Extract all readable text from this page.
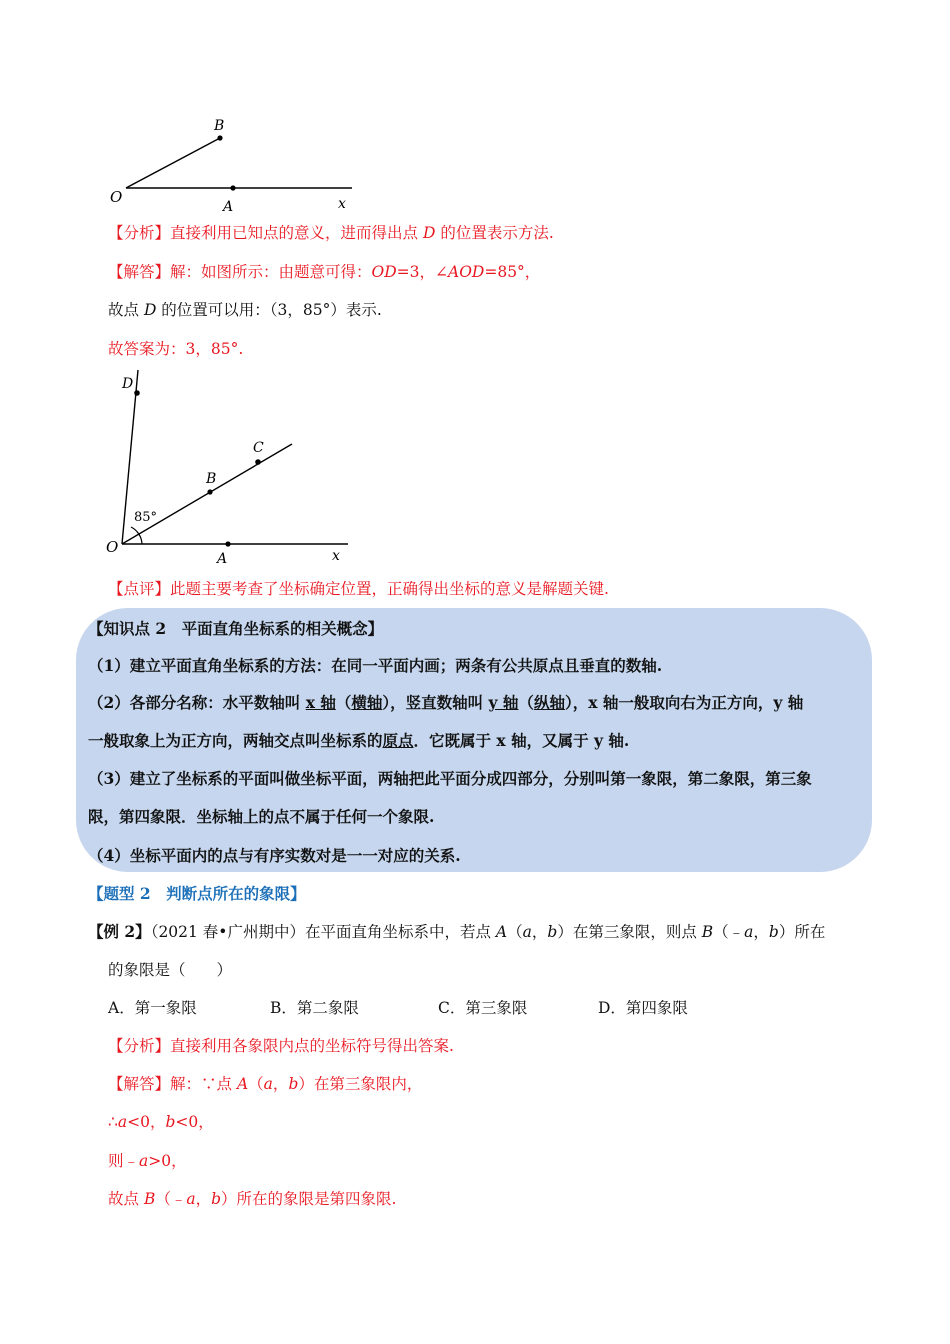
B
O
A	x
【分析】直接利用已知点的意义，进而得出点 D 的位置表示方法.
【解答】解：如图所示：由题意可得：OD=3，∠AOD=85°，
故点 D 的位置可以用：（3，85°）表示.
故答案为：3，85°.
D
C
B
85°
O
A	x
【点评】此题主要考查了坐标确定位置，正确得出坐标的意义是解题关键.
【知识点 2　平面直角坐标系的相关概念】
（1）建立平面直角坐标系的方法：在同一平面内画；两条有公共原点且垂直的数轴.
（2）各部分名称：水平数轴叫 x 轴（横轴），竖直数轴叫 y 轴（纵轴），x 轴一般取向右为正方向，y 轴
一般取象上为正方向，两轴交点叫坐标系的原点．它既属于 x 轴，又属于 y 轴.
（3）建立了坐标系的平面叫做坐标平面，两轴把此平面分成四部分，分别叫第一象限，第二象限，第三象
限，第四象限．坐标轴上的点不属于任何一个象限.
（4）坐标平面内的点与有序实数对是一一对应的关系.
【题型 2　判断点所在的象限】
【例 2】（2021 春•广州期中）在平面直角坐标系中，若点 A（a，b）在第三象限，则点 B（﹣a，b）所在
的象限是（　　）
A．第一象限	B．第二象限	C．第三象限	D．第四象限
【分析】直接利用各象限内点的坐标符号得出答案.
【解答】解：∵点 A（a，b）在第三象限内，
∴a<0，b<0，
则﹣a>0，
故点 B（﹣a，b）所在的象限是第四象限.
